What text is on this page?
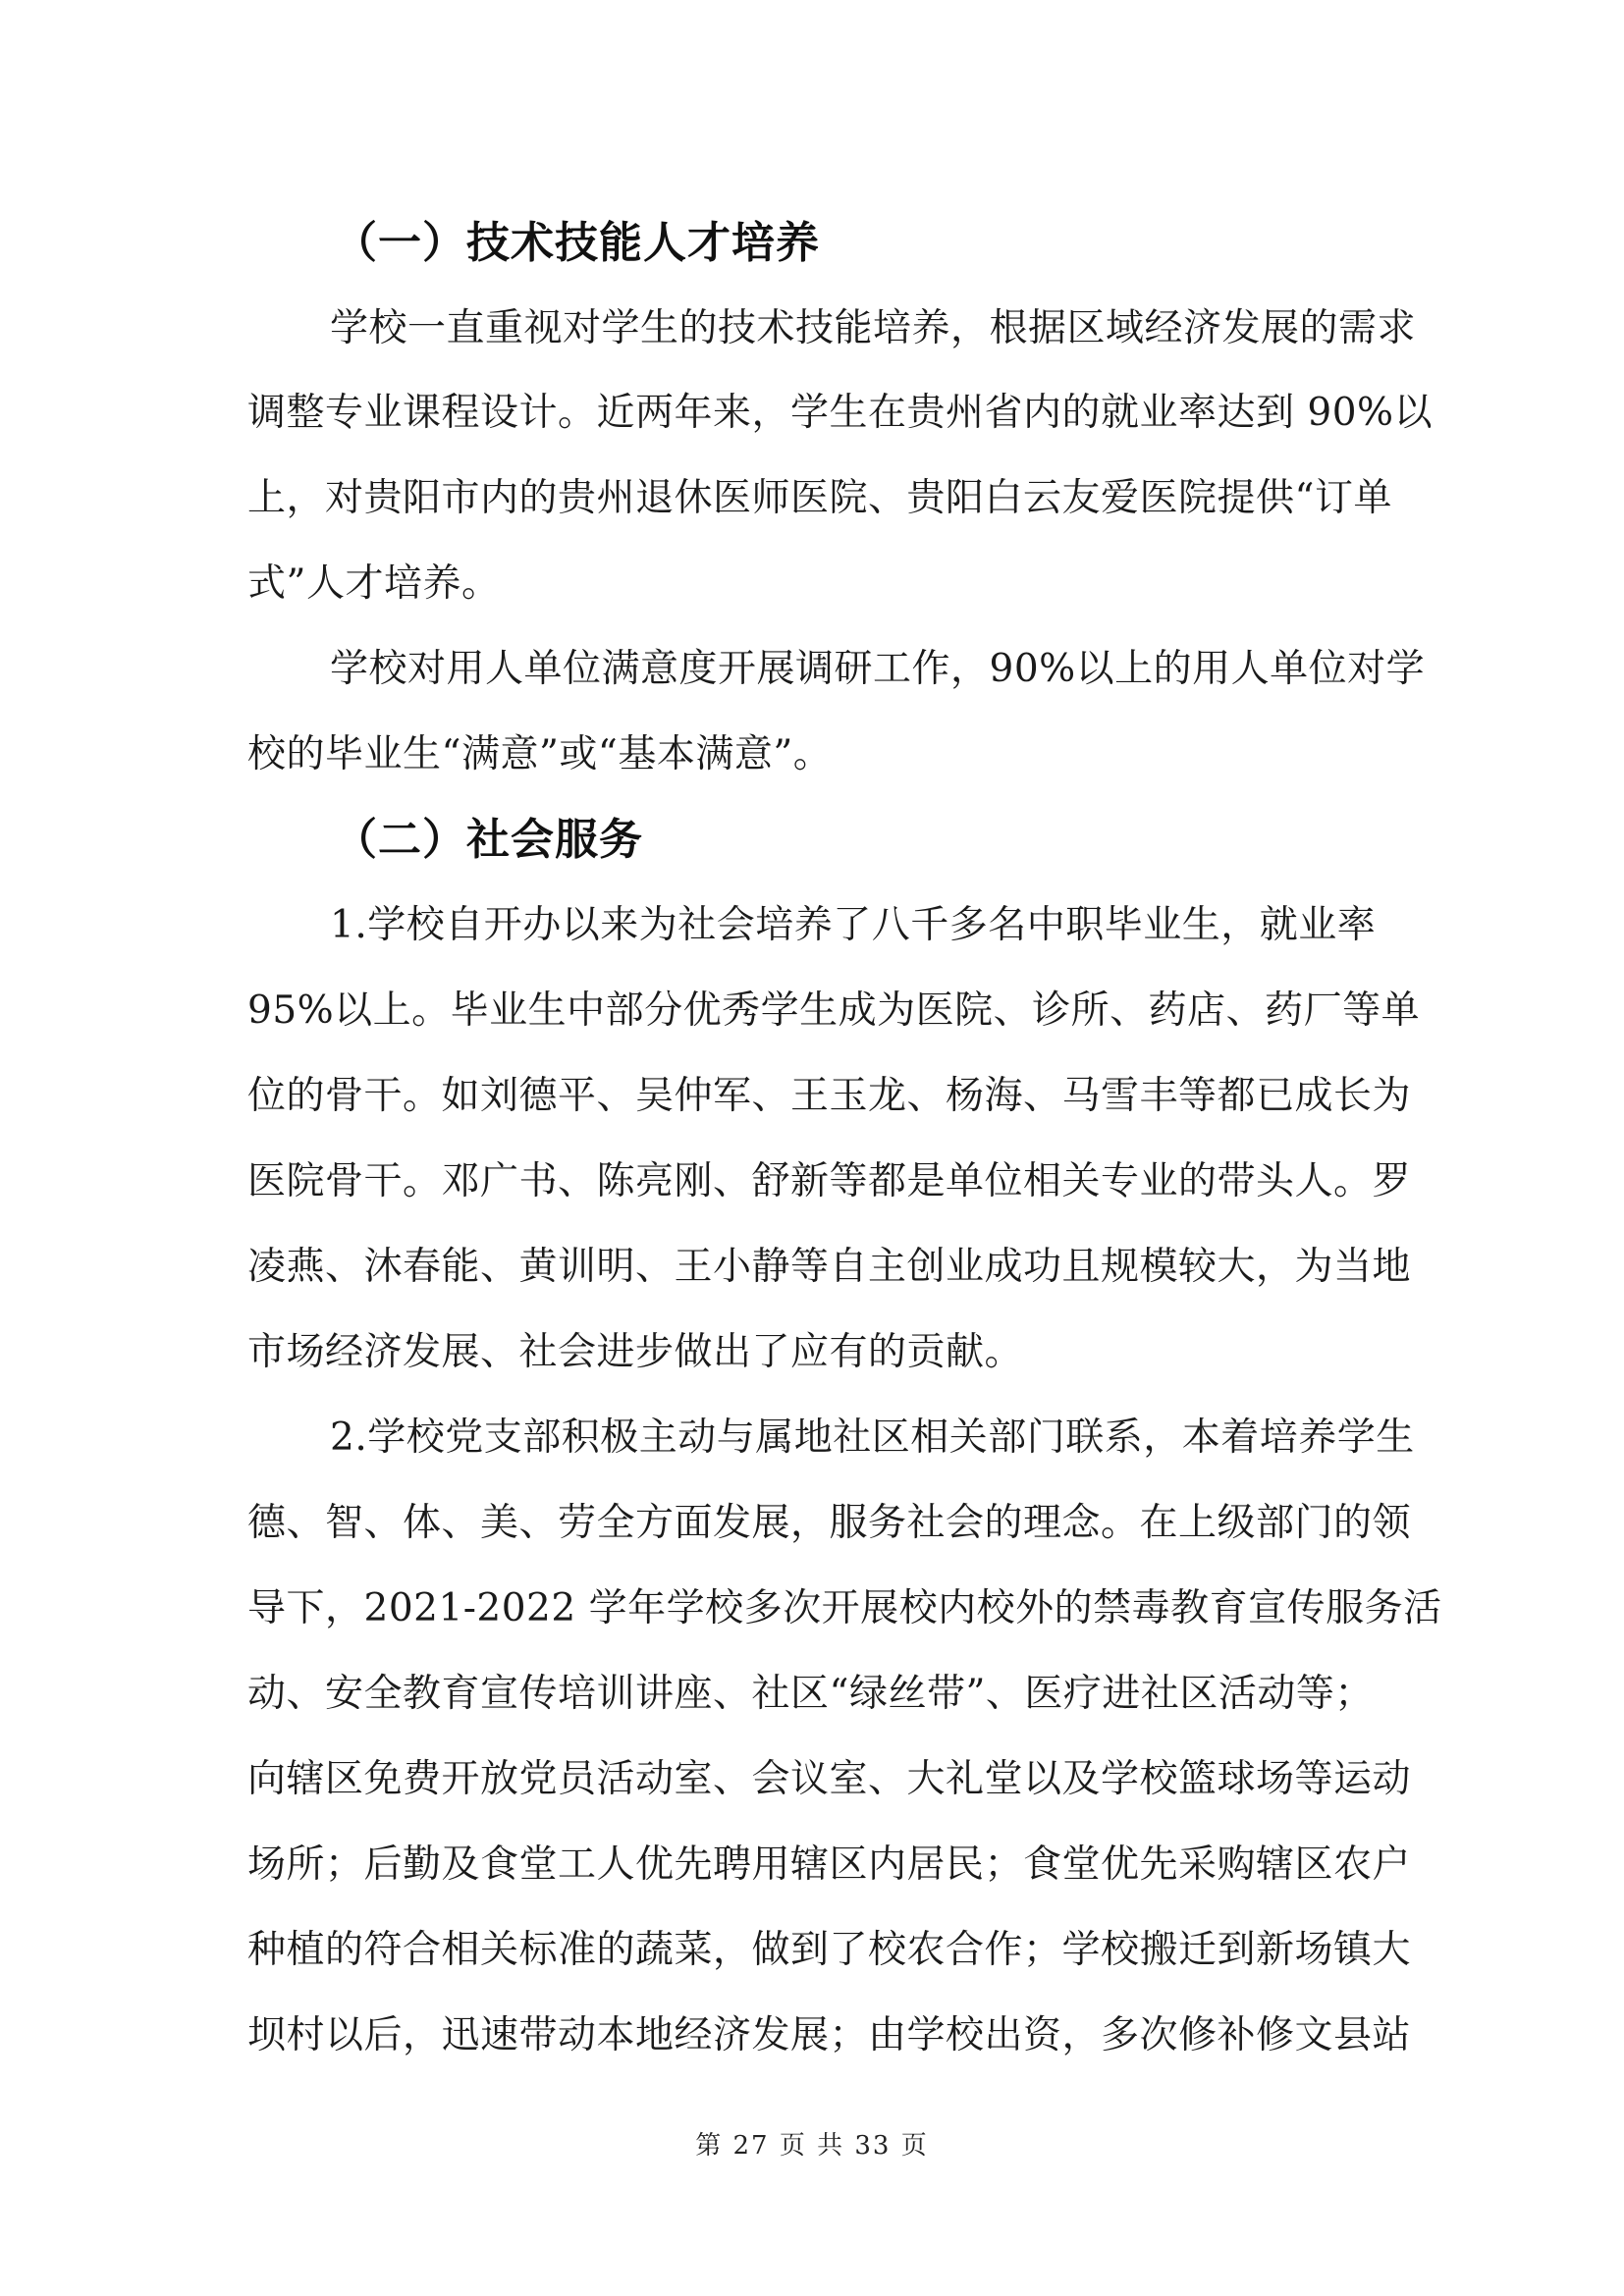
（一）技术技能人才培养
学校一直重视对学生的技术技能培养，根据区域经济发展的需求
调整专业课程设计。近两年来，学生在贵州省内的就业率达到 90%以
上，对贵阳市内的贵州退休医师医院、贵阳白云友爱医院提供“订单
式”人才培养。
学校对用人单位满意度开展调研工作，90%以上的用人单位对学
校的毕业生“满意”或“基本满意”。
（二）社会服务
1.学校自开办以来为社会培养了八千多名中职毕业生，就业率
95%以上。毕业生中部分优秀学生成为医院、诊所、药店、药厂等单
位的骨干。如刘德平、吴仲军、王玉龙、杨海、马雪丰等都已成长为
医院骨干。邓广书、陈亮刚、舒新等都是单位相关专业的带头人。罗
凌燕、沐春能、黄训明、王小静等自主创业成功且规模较大，为当地
市场经济发展、社会进步做出了应有的贡献。
2.学校党支部积极主动与属地社区相关部门联系，本着培养学生
德、智、体、美、劳全方面发展，服务社会的理念。在上级部门的领
导下，2021-2022 学年学校多次开展校内校外的禁毒教育宣传服务活
动、安全教育宣传培训讲座、社区“绿丝带”、医疗进社区活动等；
向辖区免费开放党员活动室、会议室、大礼堂以及学校篮球场等运动
场所；后勤及食堂工人优先聘用辖区内居民；食堂优先采购辖区农户
种植的符合相关标准的蔬菜，做到了校农合作；学校搬迁到新场镇大
坝村以后，迅速带动本地经济发展；由学校出资，多次修补修文县站
第 27 页 共 33 页
